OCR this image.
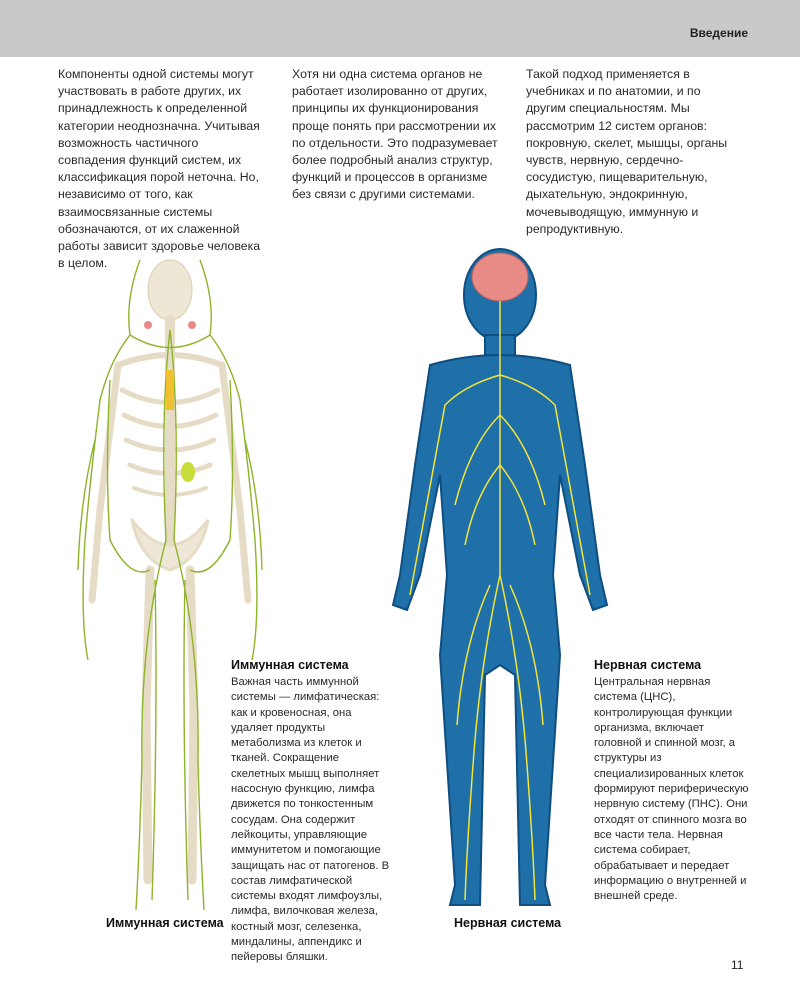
Введение
Компоненты одной системы могут участвовать в работе других, их принадлежность к определенной категории неоднозначна. Учитывая возможность частичного совпадения функций систем, их классификация порой неточна. Но, независимо от того, как взаимосвязанные системы обозначаются, от их слаженной работы зависит здоровье человека в целом.
Хотя ни одна система органов не работает изолированно от других, принципы их функционирования проще понять при рассмотрении их по отдельности. Это подразумевает более подробный анализ структур, функций и процессов в организме без связи с другими системами.
Такой подход применяется в учебниках и по анатомии, и по другим специальностям. Мы рассмотрим 12 систем органов: покровную, скелет, мышцы, органы чувств, нервную, сердечно-сосудистую, пищеварительную, дыхательную, эндокринную, мочевыводящую, иммунную и репродуктивную.
Иммунная система
Важная часть иммунной системы — лимфатическая: как и кровеносная, она удаляет продукты метаболизма из клеток и тканей. Сокращение скелетных мышц выполняет насосную функцию, лимфа движется по тонкостенным сосудам. Она содержит лейкоциты, управляющие иммунитетом и помогающие защищать нас от патогенов. В состав лимфатической системы входят лимфоузлы, лимфа, вилочковая железа, костный мозг, селезенка, миндалины, аппендикс и пейеровы бляшки.
Нервная система
Центральная нервная система (ЦНС), контролирующая функции организма, включает головной и спинной мозг, а структуры из специализированных клеток формируют периферическую нервную систему (ПНС). Они отходят от спинного мозга во все части тела. Нервная система собирает, обрабатывает и передает информацию о внутренней и внешней среде.
Иммунная система	Нервная система
11
